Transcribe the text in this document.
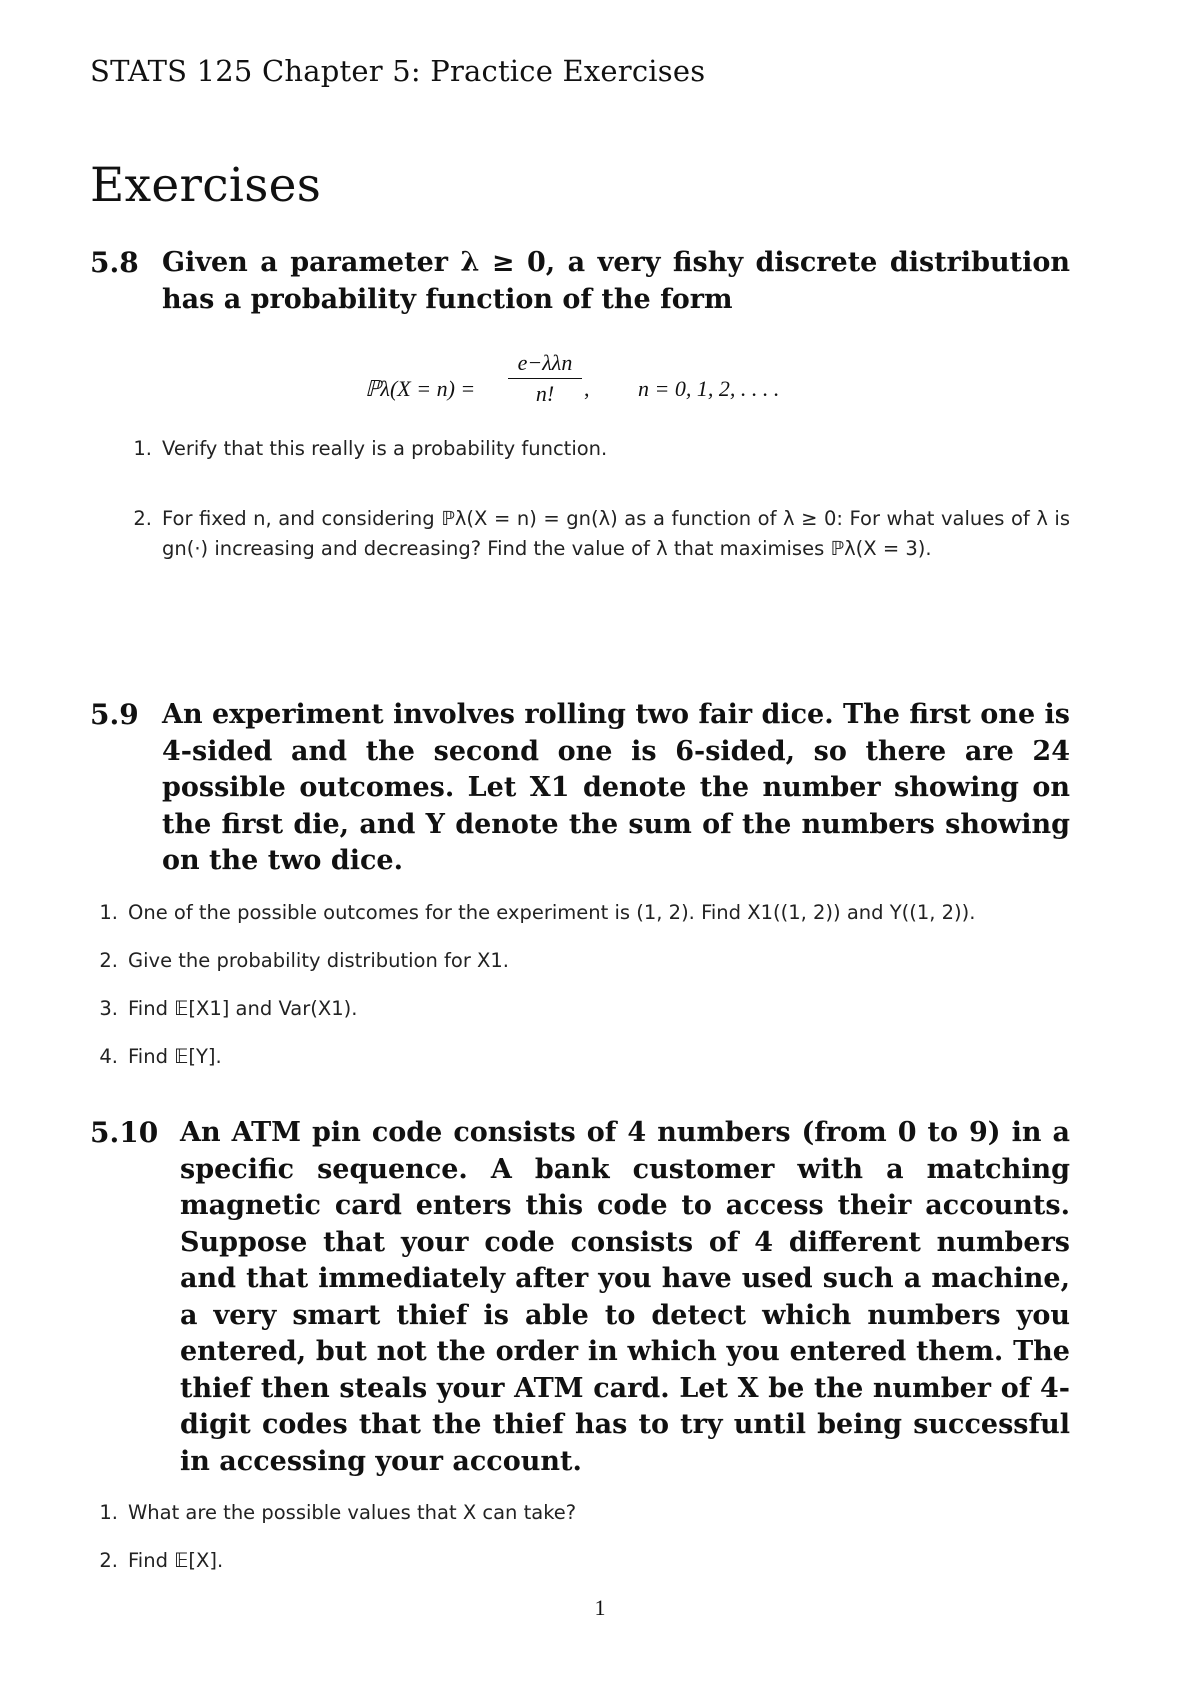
STATS 125 Chapter 5: Practice Exercises
Exercises
5.8 Given a parameter λ ≥ 0, a very fishy discrete distribution has a probability function of the form
ℙλ(X = n) =
e−λλn
n!	, n = 0, 1, 2, . . . .
1. Verify that this really is a probability function.
2. For fixed n, and considering ℙλ(X = n) = gn(λ) as a function of λ ≥ 0: For what values of λ is gn(·) increasing and decreasing? Find the value of λ that maximises ℙλ(X = 3).
5.9 An experiment involves rolling two fair dice. The first one is 4-sided and the second one is 6-sided, so there are 24 possible outcomes. Let X1 denote the number showing on the first die, and Y denote the sum of the numbers showing on the two dice.
1. One of the possible outcomes for the experiment is (1, 2). Find X1((1, 2)) and Y((1, 2)).
2. Give the probability distribution for X1.
3. Find 𝔼[X1] and Var(X1).
4. Find 𝔼[Y].
5.10 An ATM pin code consists of 4 numbers (from 0 to 9) in a specific sequence. A bank customer with a matching magnetic card enters this code to access their accounts. Suppose that your code consists of 4 different numbers and that immediately after you have used such a machine, a very smart thief is able to detect which numbers you entered, but not the order in which you entered them. The thief then steals your ATM card. Let X be the number of 4-digit codes that the thief has to try until being successful in accessing your account.
1. What are the possible values that X can take?
2. Find 𝔼[X].
1
